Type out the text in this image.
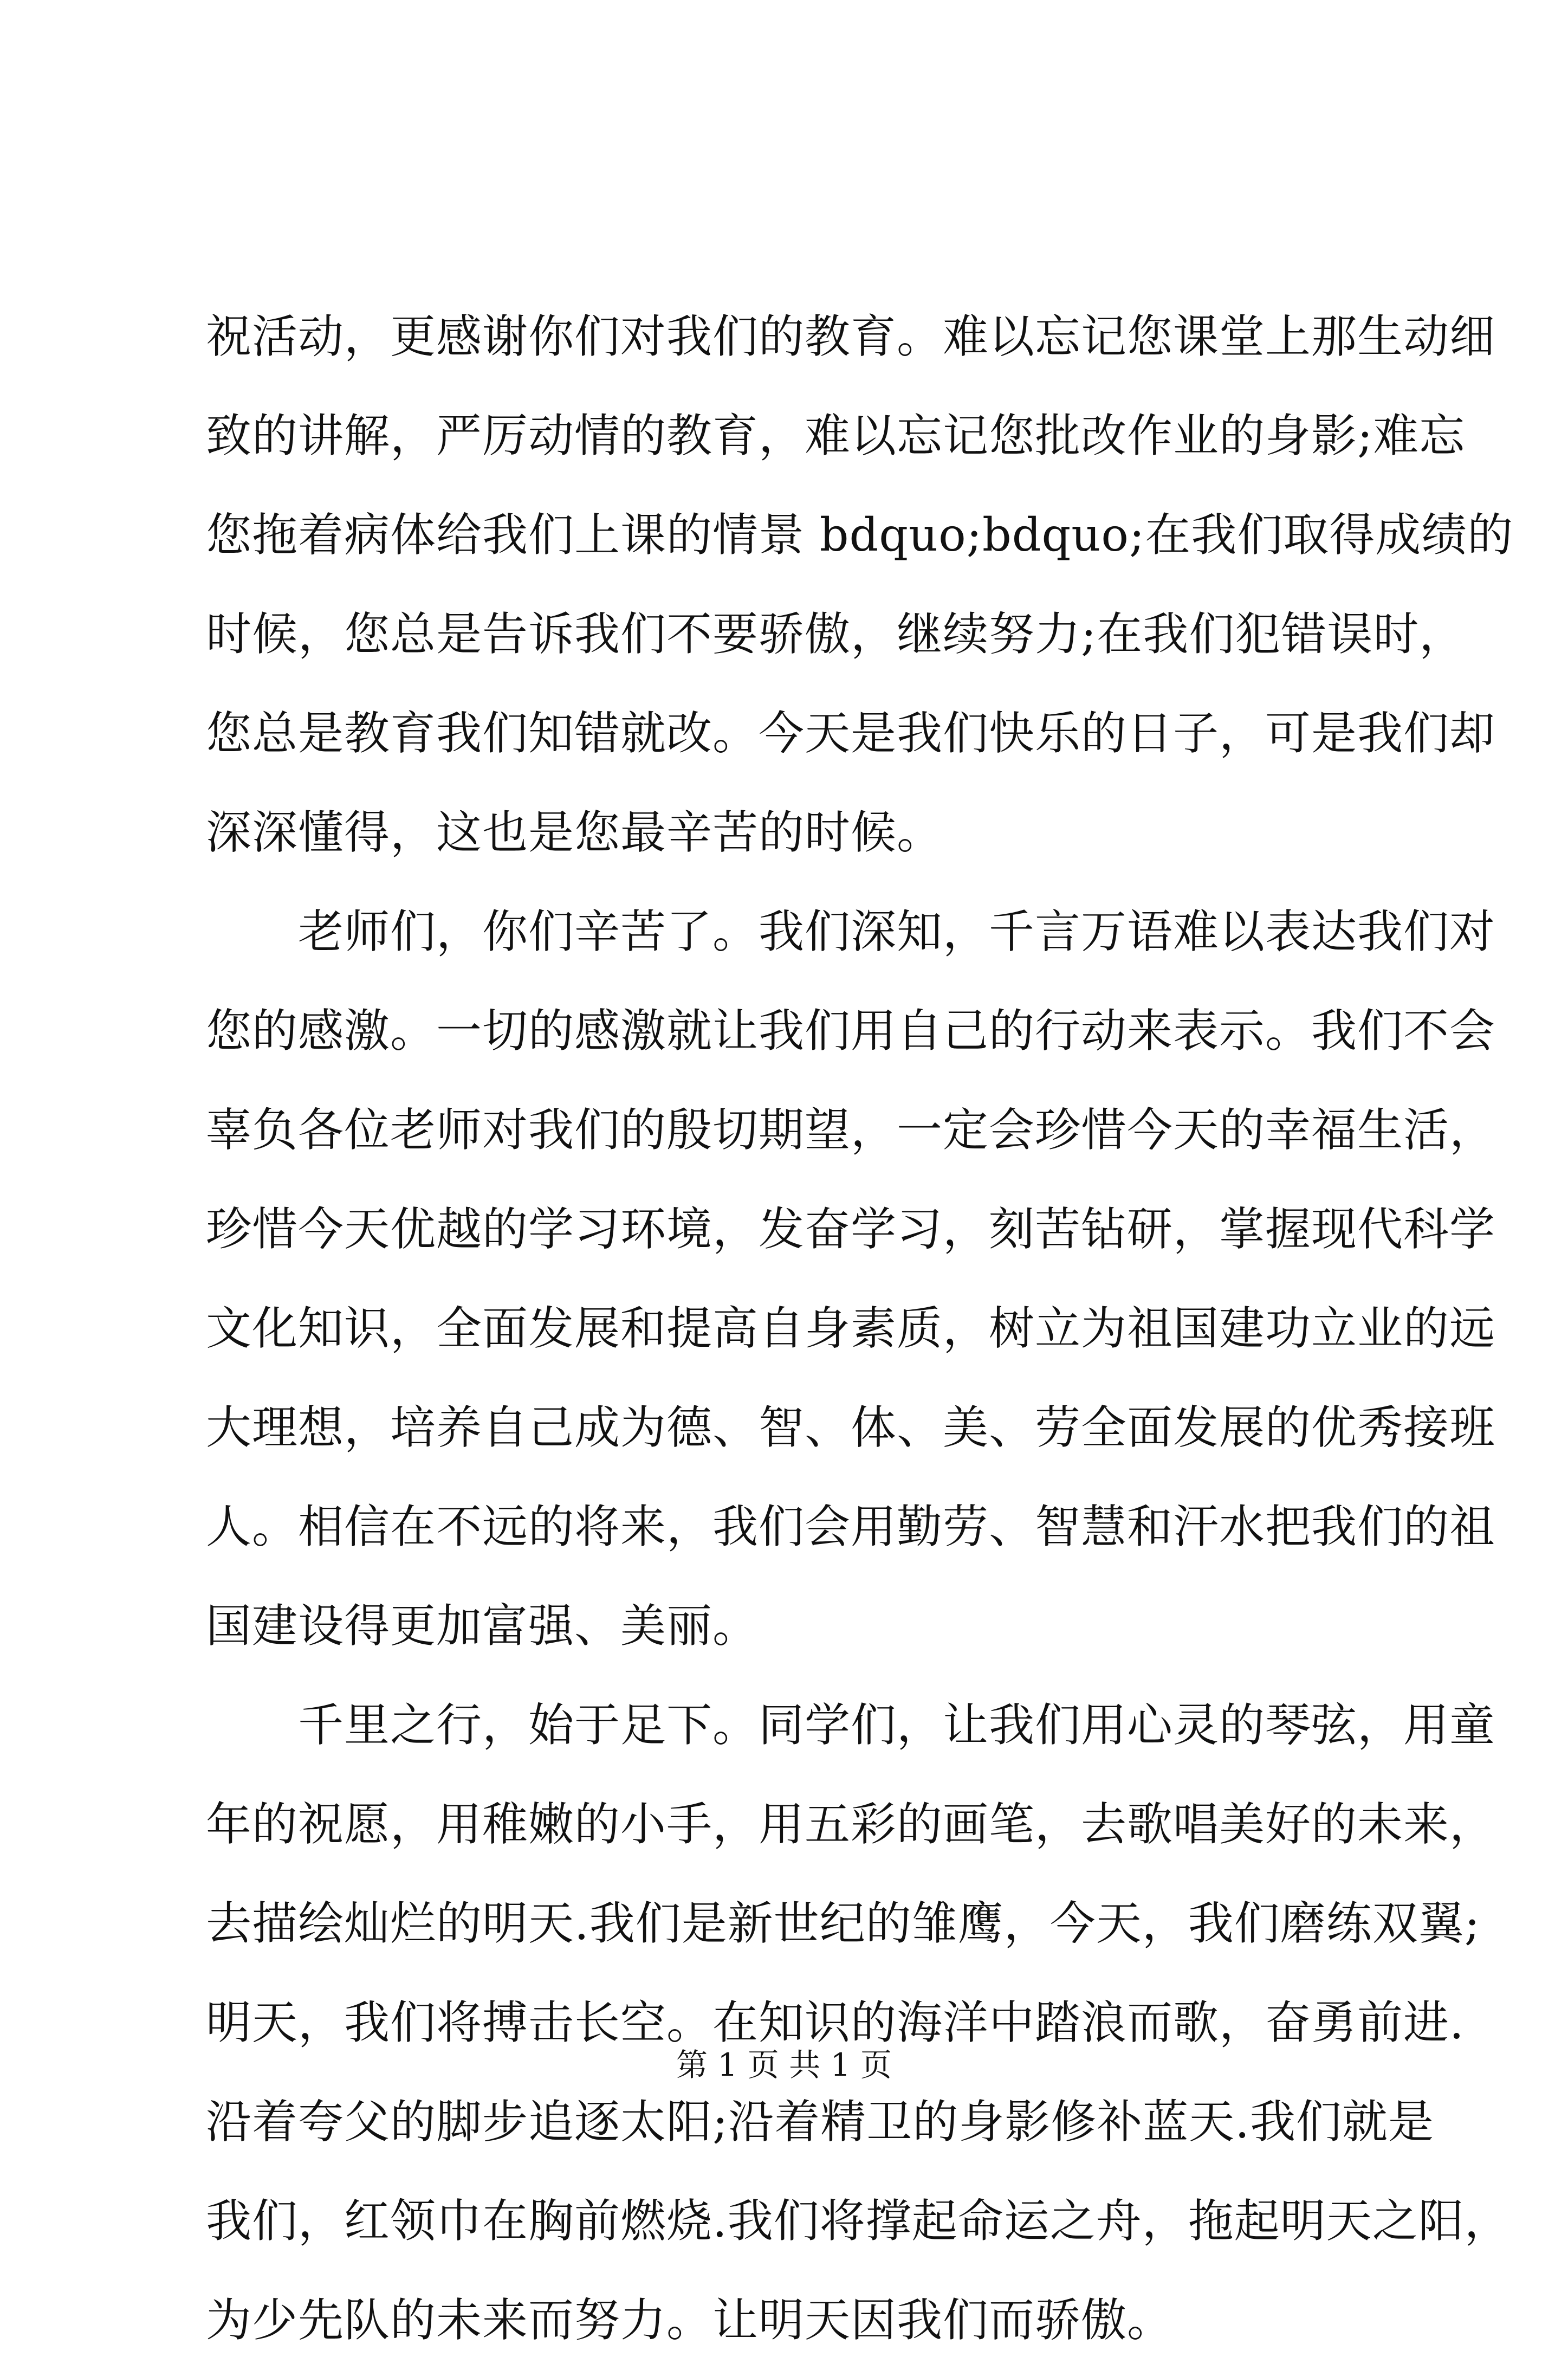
祝活动，更感谢你们对我们的教育。难以忘记您课堂上那生动细
致的讲解，严厉动情的教育，难以忘记您批改作业的身影;难忘
您拖着病体给我们上课的情景 bdquo;bdquo;在我们取得成绩的
时候，您总是告诉我们不要骄傲，继续努力;在我们犯错误时，
您总是教育我们知错就改。今天是我们快乐的日子，可是我们却
深深懂得，这也是您最辛苦的时候。
老师们，你们辛苦了。我们深知，千言万语难以表达我们对
您的感激。一切的感激就让我们用自己的行动来表示。我们不会
辜负各位老师对我们的殷切期望，一定会珍惜今天的幸福生活，
珍惜今天优越的学习环境，发奋学习，刻苦钻研，掌握现代科学
文化知识，全面发展和提高自身素质，树立为祖国建功立业的远
大理想，培养自己成为德、智、体、美、劳全面发展的优秀接班
人。相信在不远的将来，我们会用勤劳、智慧和汗水把我们的祖
国建设得更加富强、美丽。
千里之行，始于足下。同学们，让我们用心灵的琴弦，用童
年的祝愿，用稚嫩的小手，用五彩的画笔，去歌唱美好的未来，
去描绘灿烂的明天.我们是新世纪的雏鹰，今天，我们磨练双翼;
明天，我们将搏击长空。在知识的海洋中踏浪而歌，奋勇前进.
沿着夸父的脚步追逐太阳;沿着精卫的身影修补蓝天.我们就是
我们，红领巾在胸前燃烧.我们将撑起命运之舟，拖起明天之阳，
为少先队的未来而努力。让明天因我们而骄傲。
第 1 页 共 1 页
